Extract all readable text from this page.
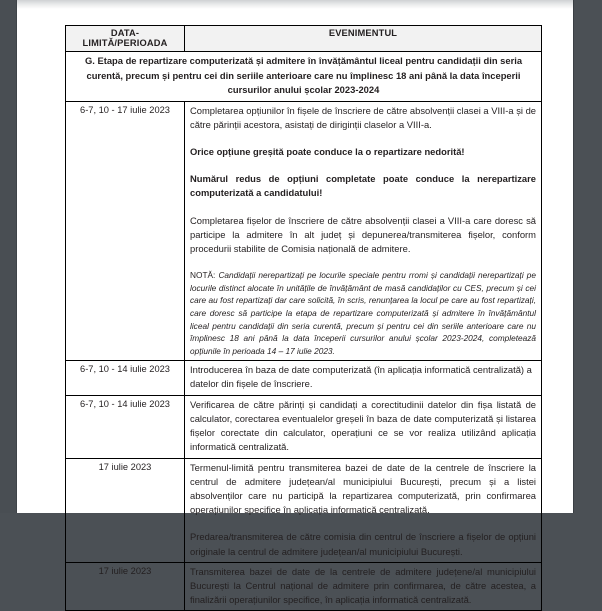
DATA-LIMITĂ/PERIOADA	EVENIMENTUL
G. Etapa de repartizare computerizată și admitere în învățământul liceal pentru candidații din seria curentă, precum și pentru cei din seriile anterioare care nu împlinesc 18 ani până la data începerii cursurilor anului școlar 2023-2024	
6-7, 10 - 17 iulie 2023	Completarea opțiunilor în fișele de înscriere de către absolvenții clasei a VIII-a și de către părinții acestora, asistați de diriginții claselor a VIII-a.

Orice opțiune greșită poate conduce la o repartizare nedorită!

Numărul redus de opțiuni completate poate conduce la nerepartizare computerizată a candidatului!

Completarea fișelor de înscriere de către absolvenții clasei a VIII-a care doresc să participe la admitere în alt județ și depunerea/transmiterea fișelor, conform procedurii stabilite de Comisia națională de admitere.

NOTĂ: Candidații nerepartizați pe locurile speciale pentru rromi și candidații nerepartizați pe locurile distinct alocate în unitățile de învățământ de masă candidaților cu CES, precum și cei care au fost repartizați dar care solicită, în scris, renunțarea la locul pe care au fost repartizați, care doresc să participe la etapa de repartizare computerizată și admitere în învățământul liceal pentru candidații din seria curentă, precum și pentru cei din seriile anterioare care nu împlinesc 18 ani până la data începerii cursurilor anului școlar 2023-2024, completează opțiunile în perioada 14 – 17 iulie 2023.

6-7, 10 - 14 iulie 2023	Introducerea în baza de date computerizată (în aplicația informatică centralizată) a datelor din fișele de înscriere.

6-7, 10 - 14 iulie 2023	Verificarea de către părinți și candidați a corectitudinii datelor din fișa listată de calculator, corectarea eventualelor greșeli în baza de date computerizată și listarea fișelor corectate din calculator, operațiuni ce se vor realiza utilizând aplicația informatică centralizată.

17 iulie 2023	Termenul-limită pentru transmiterea bazei de date de la centrele de înscriere la centrul de admitere județean/al municipiului București, precum și a listei absolvenților care nu participă la repartizarea computerizată, prin confirmarea operațiunilor specifice în aplicația informatică centralizată.

Predarea/transmiterea de către comisia din centrul de înscriere a fișelor de opțiuni originale la centrul de admitere județean/al municipiului București.

17 iulie 2023	Transmiterea bazei de date de la centrele de admitere județene/al municipiului București la Centrul național de admitere prin confirmarea, de către acestea, a finalizării operațiunilor specifice, în aplicația informatică centralizată.
